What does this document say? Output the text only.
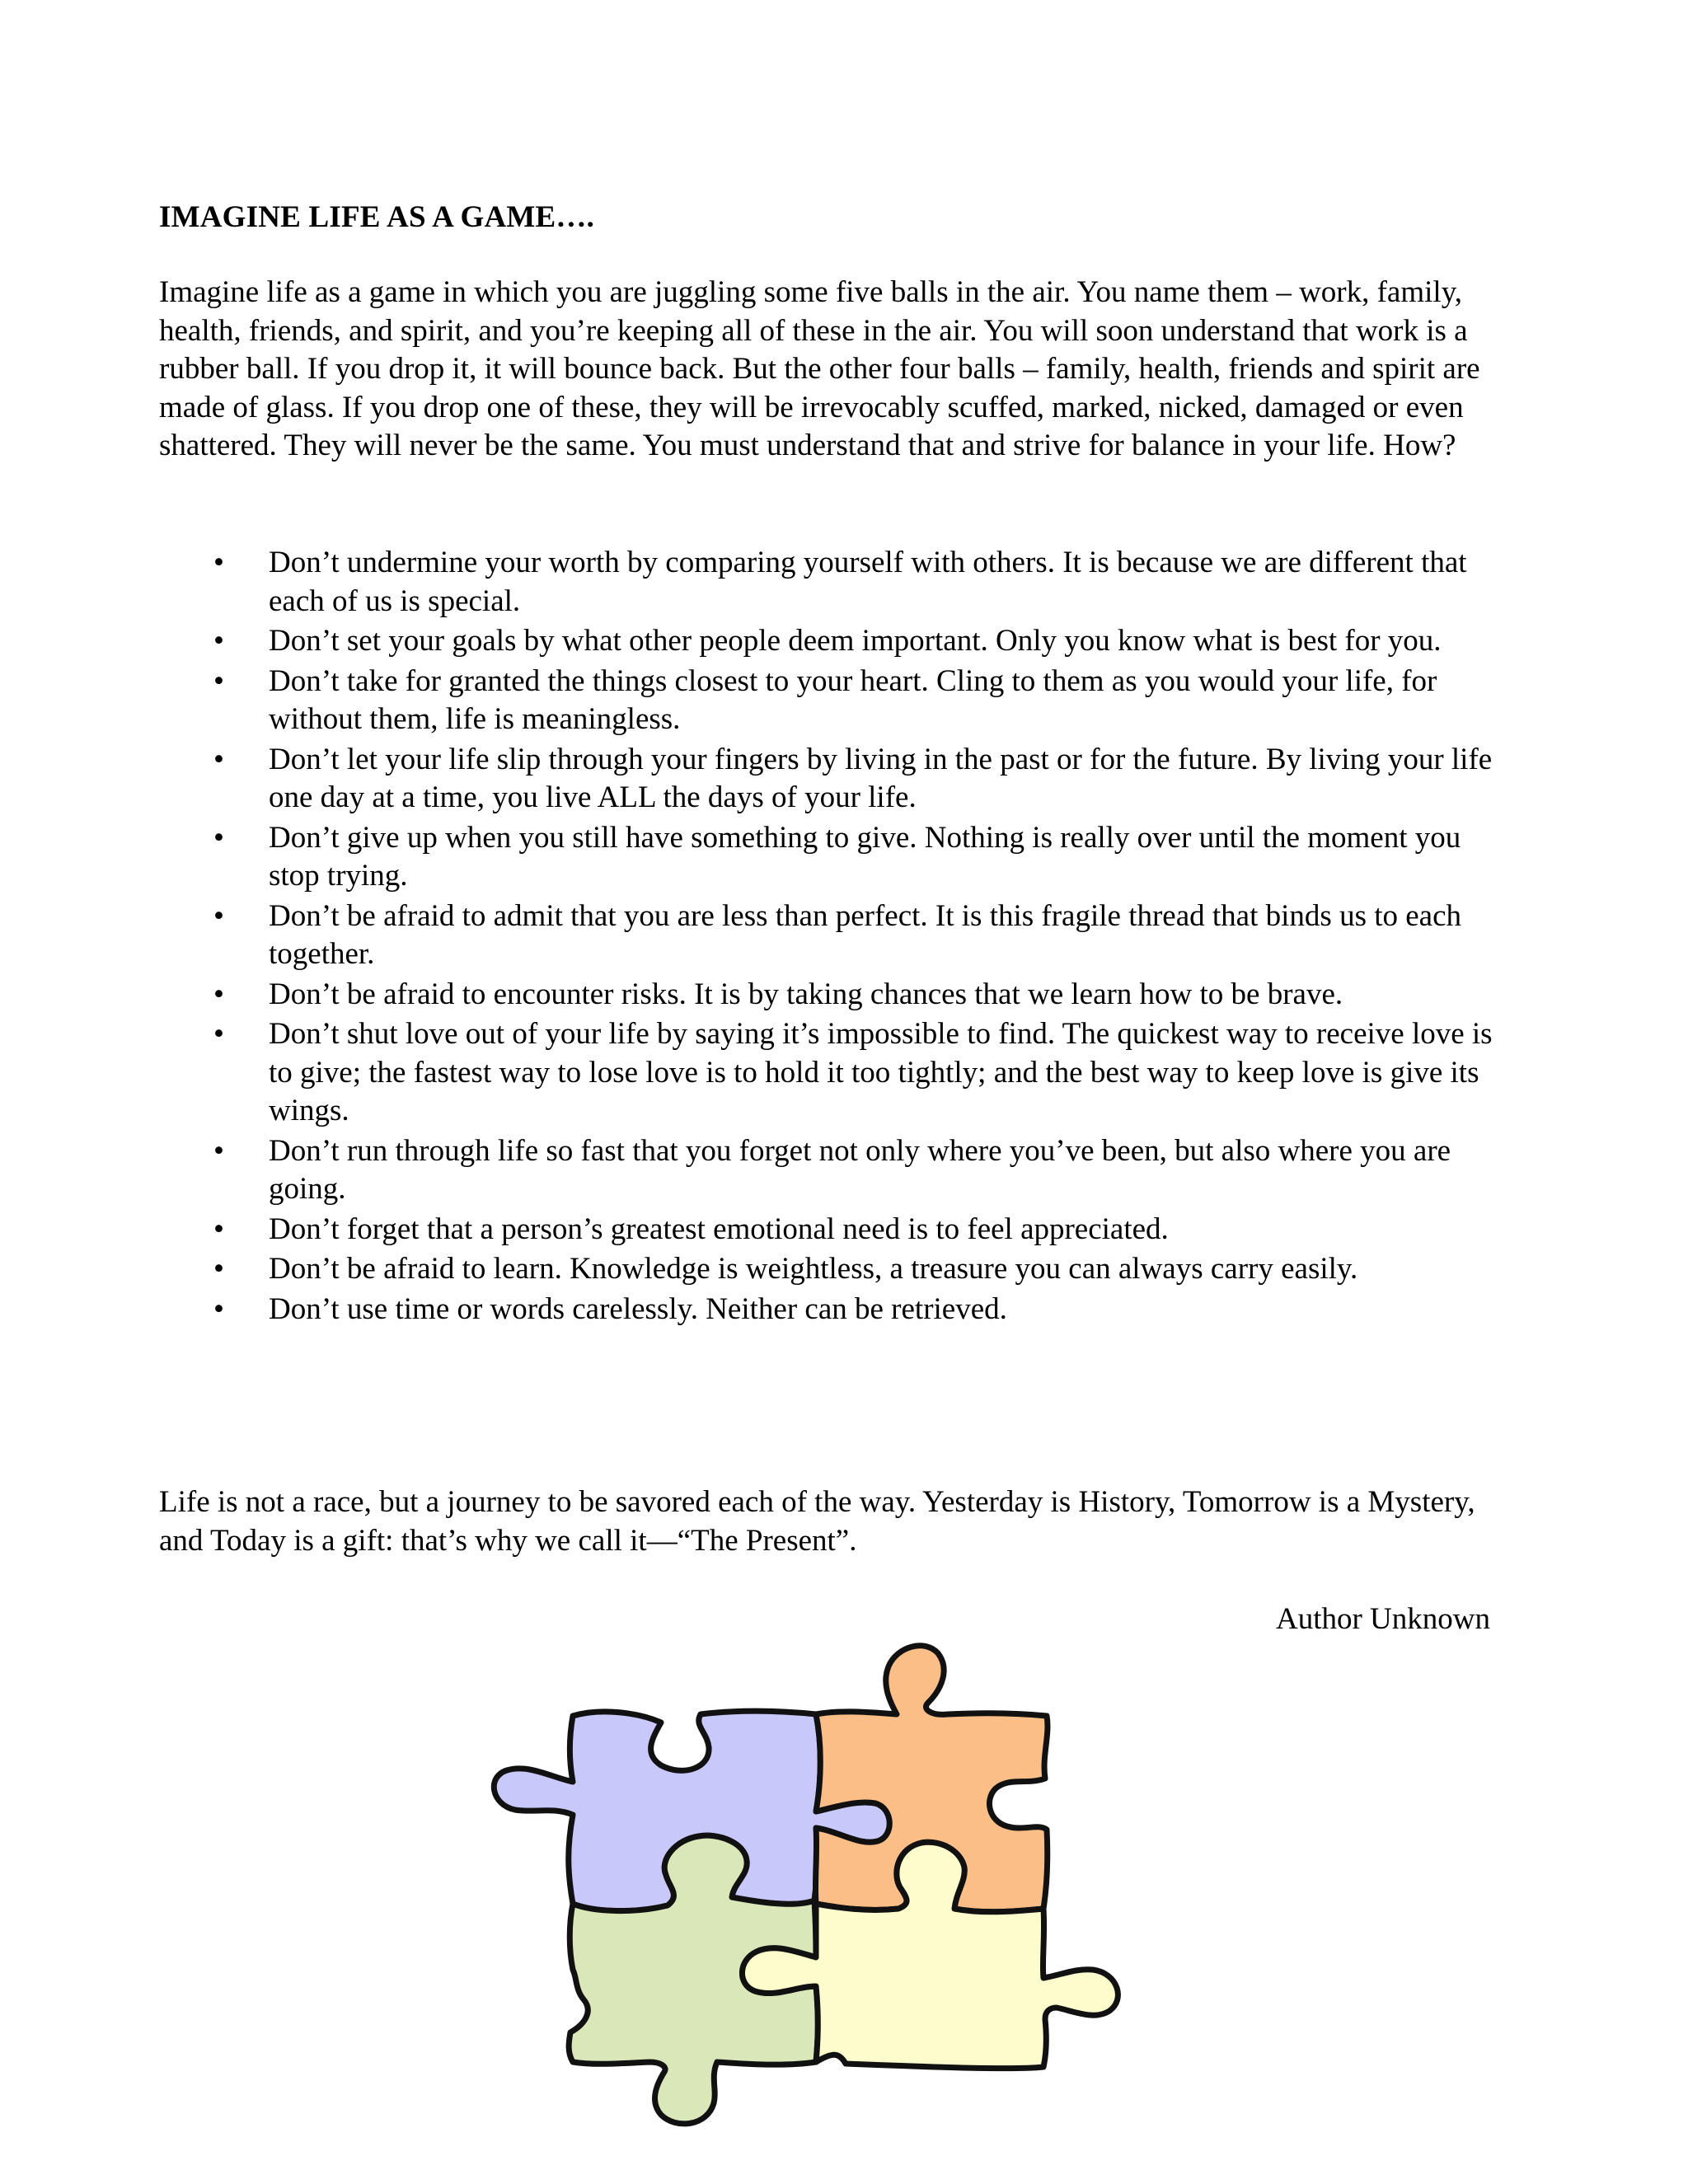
IMAGINE LIFE AS A GAME….

Imagine life as a game in which you are juggling some five balls in the air. You name them – work, family, health, friends, and spirit, and you’re keeping all of these in the air. You will soon understand that work is a rubber ball. If you drop it, it will bounce back. But the other four balls – family, health, friends and spirit are made of glass. If you drop one of these, they will be irrevocably scuffed, marked, nicked, damaged or even shattered. They will never be the same. You must understand that and strive for balance in your life. How?

• Don’t undermine your worth by comparing yourself with others. It is because we are different that each of us is special.
• Don’t set your goals by what other people deem important. Only you know what is best for you.
• Don’t take for granted the things closest to your heart. Cling to them as you would your life, for without them, life is meaningless.
• Don’t let your life slip through your fingers by living in the past or for the future. By living your life one day at a time, you live ALL the days of your life.
• Don’t give up when you still have something to give. Nothing is really over until the moment you stop trying.
• Don’t be afraid to admit that you are less than perfect. It is this fragile thread that binds us to each together.
• Don’t be afraid to encounter risks. It is by taking chances that we learn how to be brave.
• Don’t shut love out of your life by saying it’s impossible to find. The quickest way to receive love is to give; the fastest way to lose love is to hold it too tightly; and the best way to keep love is give its wings.
• Don’t run through life so fast that you forget not only where you’ve been, but also where you are going.
• Don’t forget that a person’s greatest emotional need is to feel appreciated.
• Don’t be afraid to learn. Knowledge is weightless, a treasure you can always carry easily.
• Don’t use time or words carelessly. Neither can be retrieved.

Life is not a race, but a journey to be savored each of the way. Yesterday is History, Tomorrow is a Mystery, and Today is a gift: that’s why we call it—“The Present”.

Author Unknown
